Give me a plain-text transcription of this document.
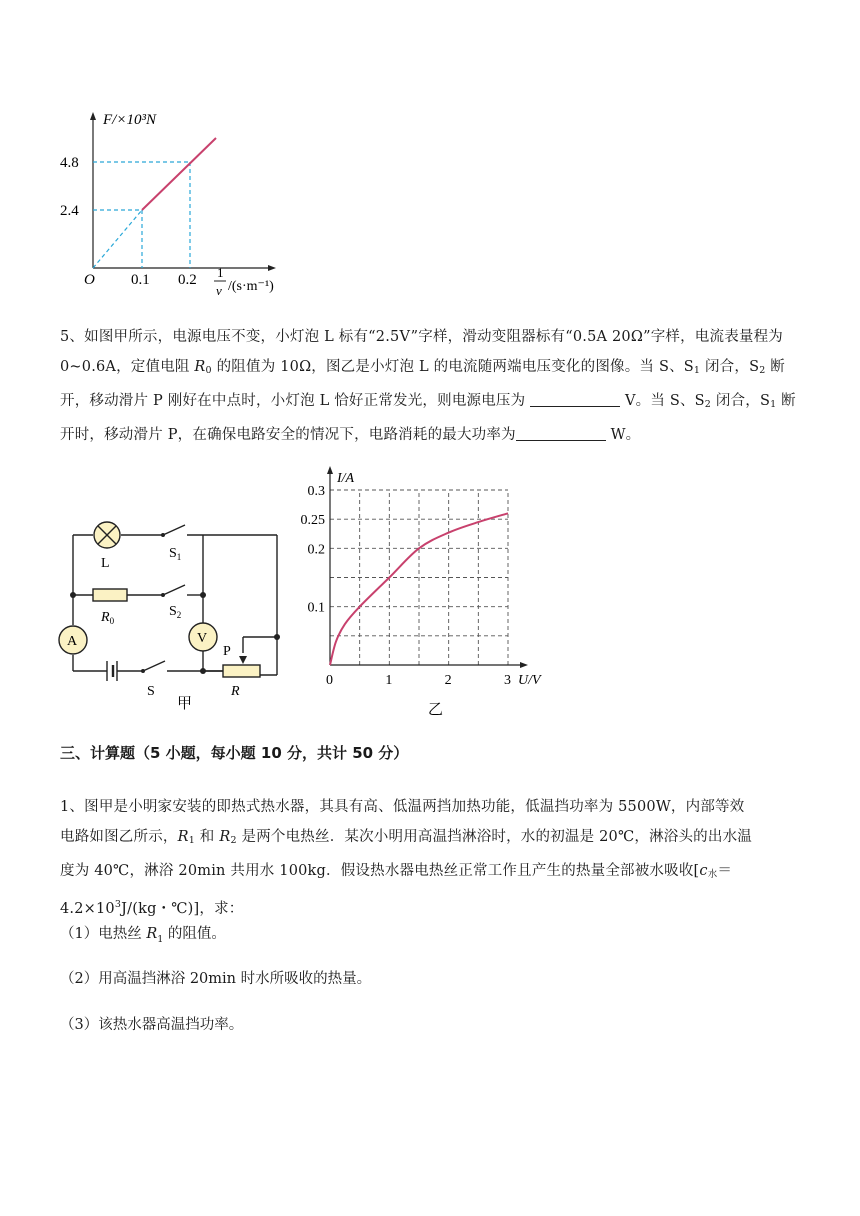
F/×10³N
4.8
2.4
O 0.1 0.2 1
v /(s·m⁻¹)
5、如图甲所示，电源电压不变，小灯泡 L 标有“2.5V”字样，滑动变阻器标有“0.5A 20Ω”字样，电流表量程为 0~0.6A，定值电阻 $R_0$ 的阻值为 10Ω，图乙是小灯泡 L 的电流随两端电压变化的图像。当 S、$S_1$ 闭合，$S_2$ 断开，移动滑片 P 刚好在中点时，小灯泡 L 恰好正常发光，则电源电压为	V。当 S、$S_2$ 闭合，$S_1$ 断开时，移动滑片 P，在确保电路安全的情况下，电路消耗的最大功率为	W。
L
$S_1$
$R_0$
$S_2$
A	V
S
P
R
甲
0	1	2	3
0.1
0.2
0.25
0.3
I/A
U/V
乙
三、计算题（5 小题，每小题 10 分，共计 50 分）
1、图甲是小明家安装的即热式热水器，其具有高、低温两挡加热功能，低温挡功率为 5500W，内部等效
电路如图乙所示，$R_1$ 和 $R_2$ 是两个电热丝．某次小明用高温挡淋浴时，水的初温是 20℃，淋浴头的出水温
度为 40℃，淋浴 20min 共用水 100kg．假设热水器电热丝正常工作且产生的热量全部被水吸收[$c_水=$
$4.2\times 10^3J/(kg$・℃)]，求：
（1）电热丝 $R_1$ 的阻值。
（2）用高温挡淋浴 20min 时水所吸收的热量。
（3）该热水器高温挡功率。
